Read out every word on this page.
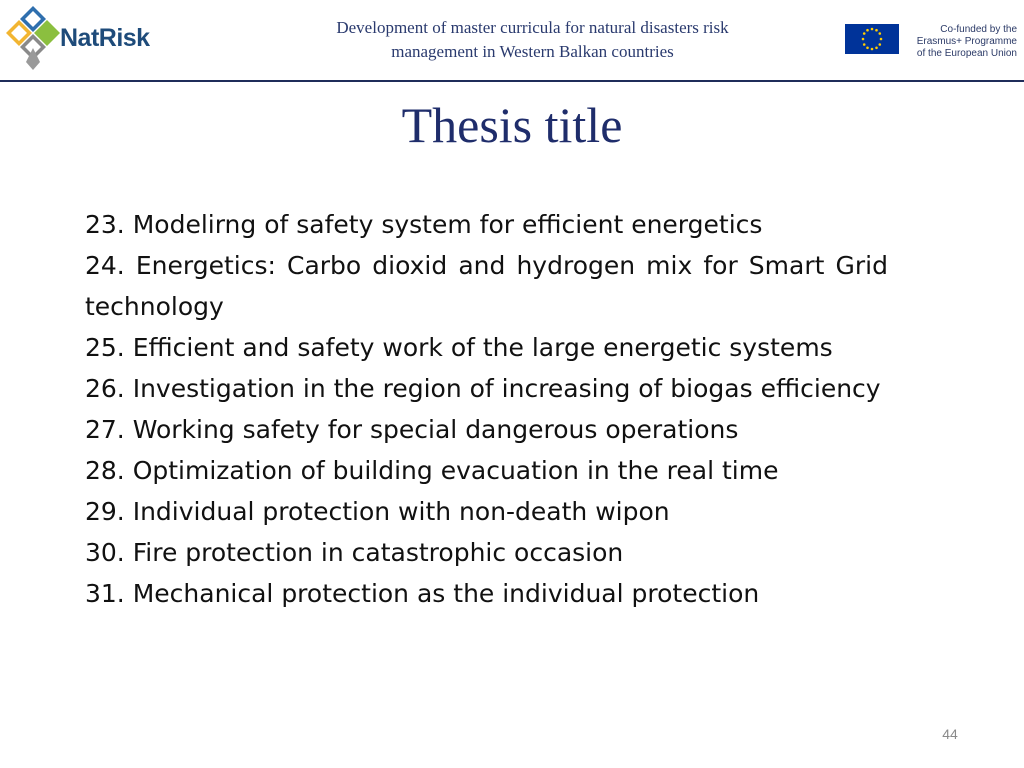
NatRisk	Development of master curricula for natural disasters risk
management in Western Balkan countries
Co-funded by the
Erasmus+ Programme
of the European Union
Thesis title
23. Modelirng of safety system for efficient energetics
24. Energetics: Carbo dioxid and hydrogen mix for Smart Grid technology
25. Efficient and safety work of the large energetic systems
26. Investigation in the region of increasing of biogas efficiency
27. Working safety for special dangerous operations
28. Optimization of building evacuation in the real time
29. Individual protection with non-death wipon
30. Fire protection in catastrophic occasion
31. Mechanical protection as the individual protection
44
